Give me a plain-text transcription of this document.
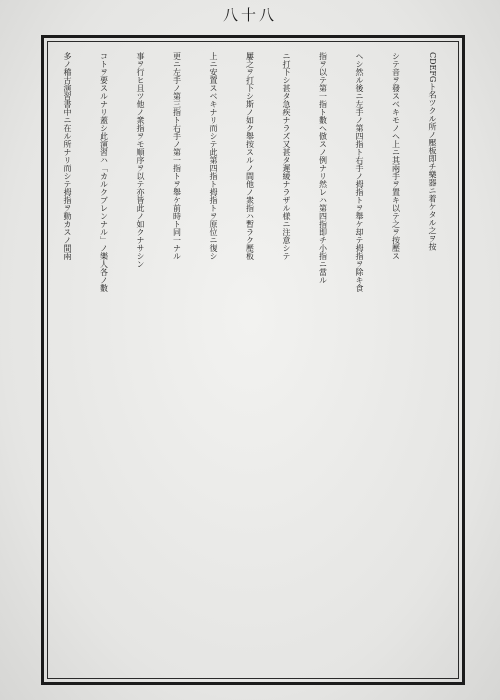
八十八
CDEFGト名ツクル所ノ壓板即チ樂器ニ着ケタル之ヲ按
シテ音ヲ發スベキモノヘ上ニ其兩手ヲ置キ以テ之ヲ按壓ス
ヘシ然ル後ニ左手ノ第四指ト右手ノ拇指トヲ舉ケ却テ拇指ヲ除キ食
指ヲ以テ第一指ト數ヘ倣スノ例ナリ然レハ第四指即チ小指ニ當ル
ニ打下シ甚タ急疾ナラズ又甚タ遲緩ナラザル様ニ注意シテ
屢之ヲ打下シ斯ノ如ク舉按スルノ間他ノ衆指ハ暫ラク壓板
上ニ安置スベキナリ而シテ此第四指ト拇指トヲ原位ニ復シ
更ニ左手ノ第三指ト右手ノ第一指トヲ舉ケ前時ト同一ナル
事ヲ行ヒ且ツ他ノ衆指ヲモ順序ヲ以テ亦皆此ノ如クナサシン
コトヲ要スルナリ蓋シ此演習ハ「カルクブレンナル」ノ樂人各ノ數
多ノ稽古演習書中ニ在ル所ナリ而シテ拇指ヲ動カスノ間兩
